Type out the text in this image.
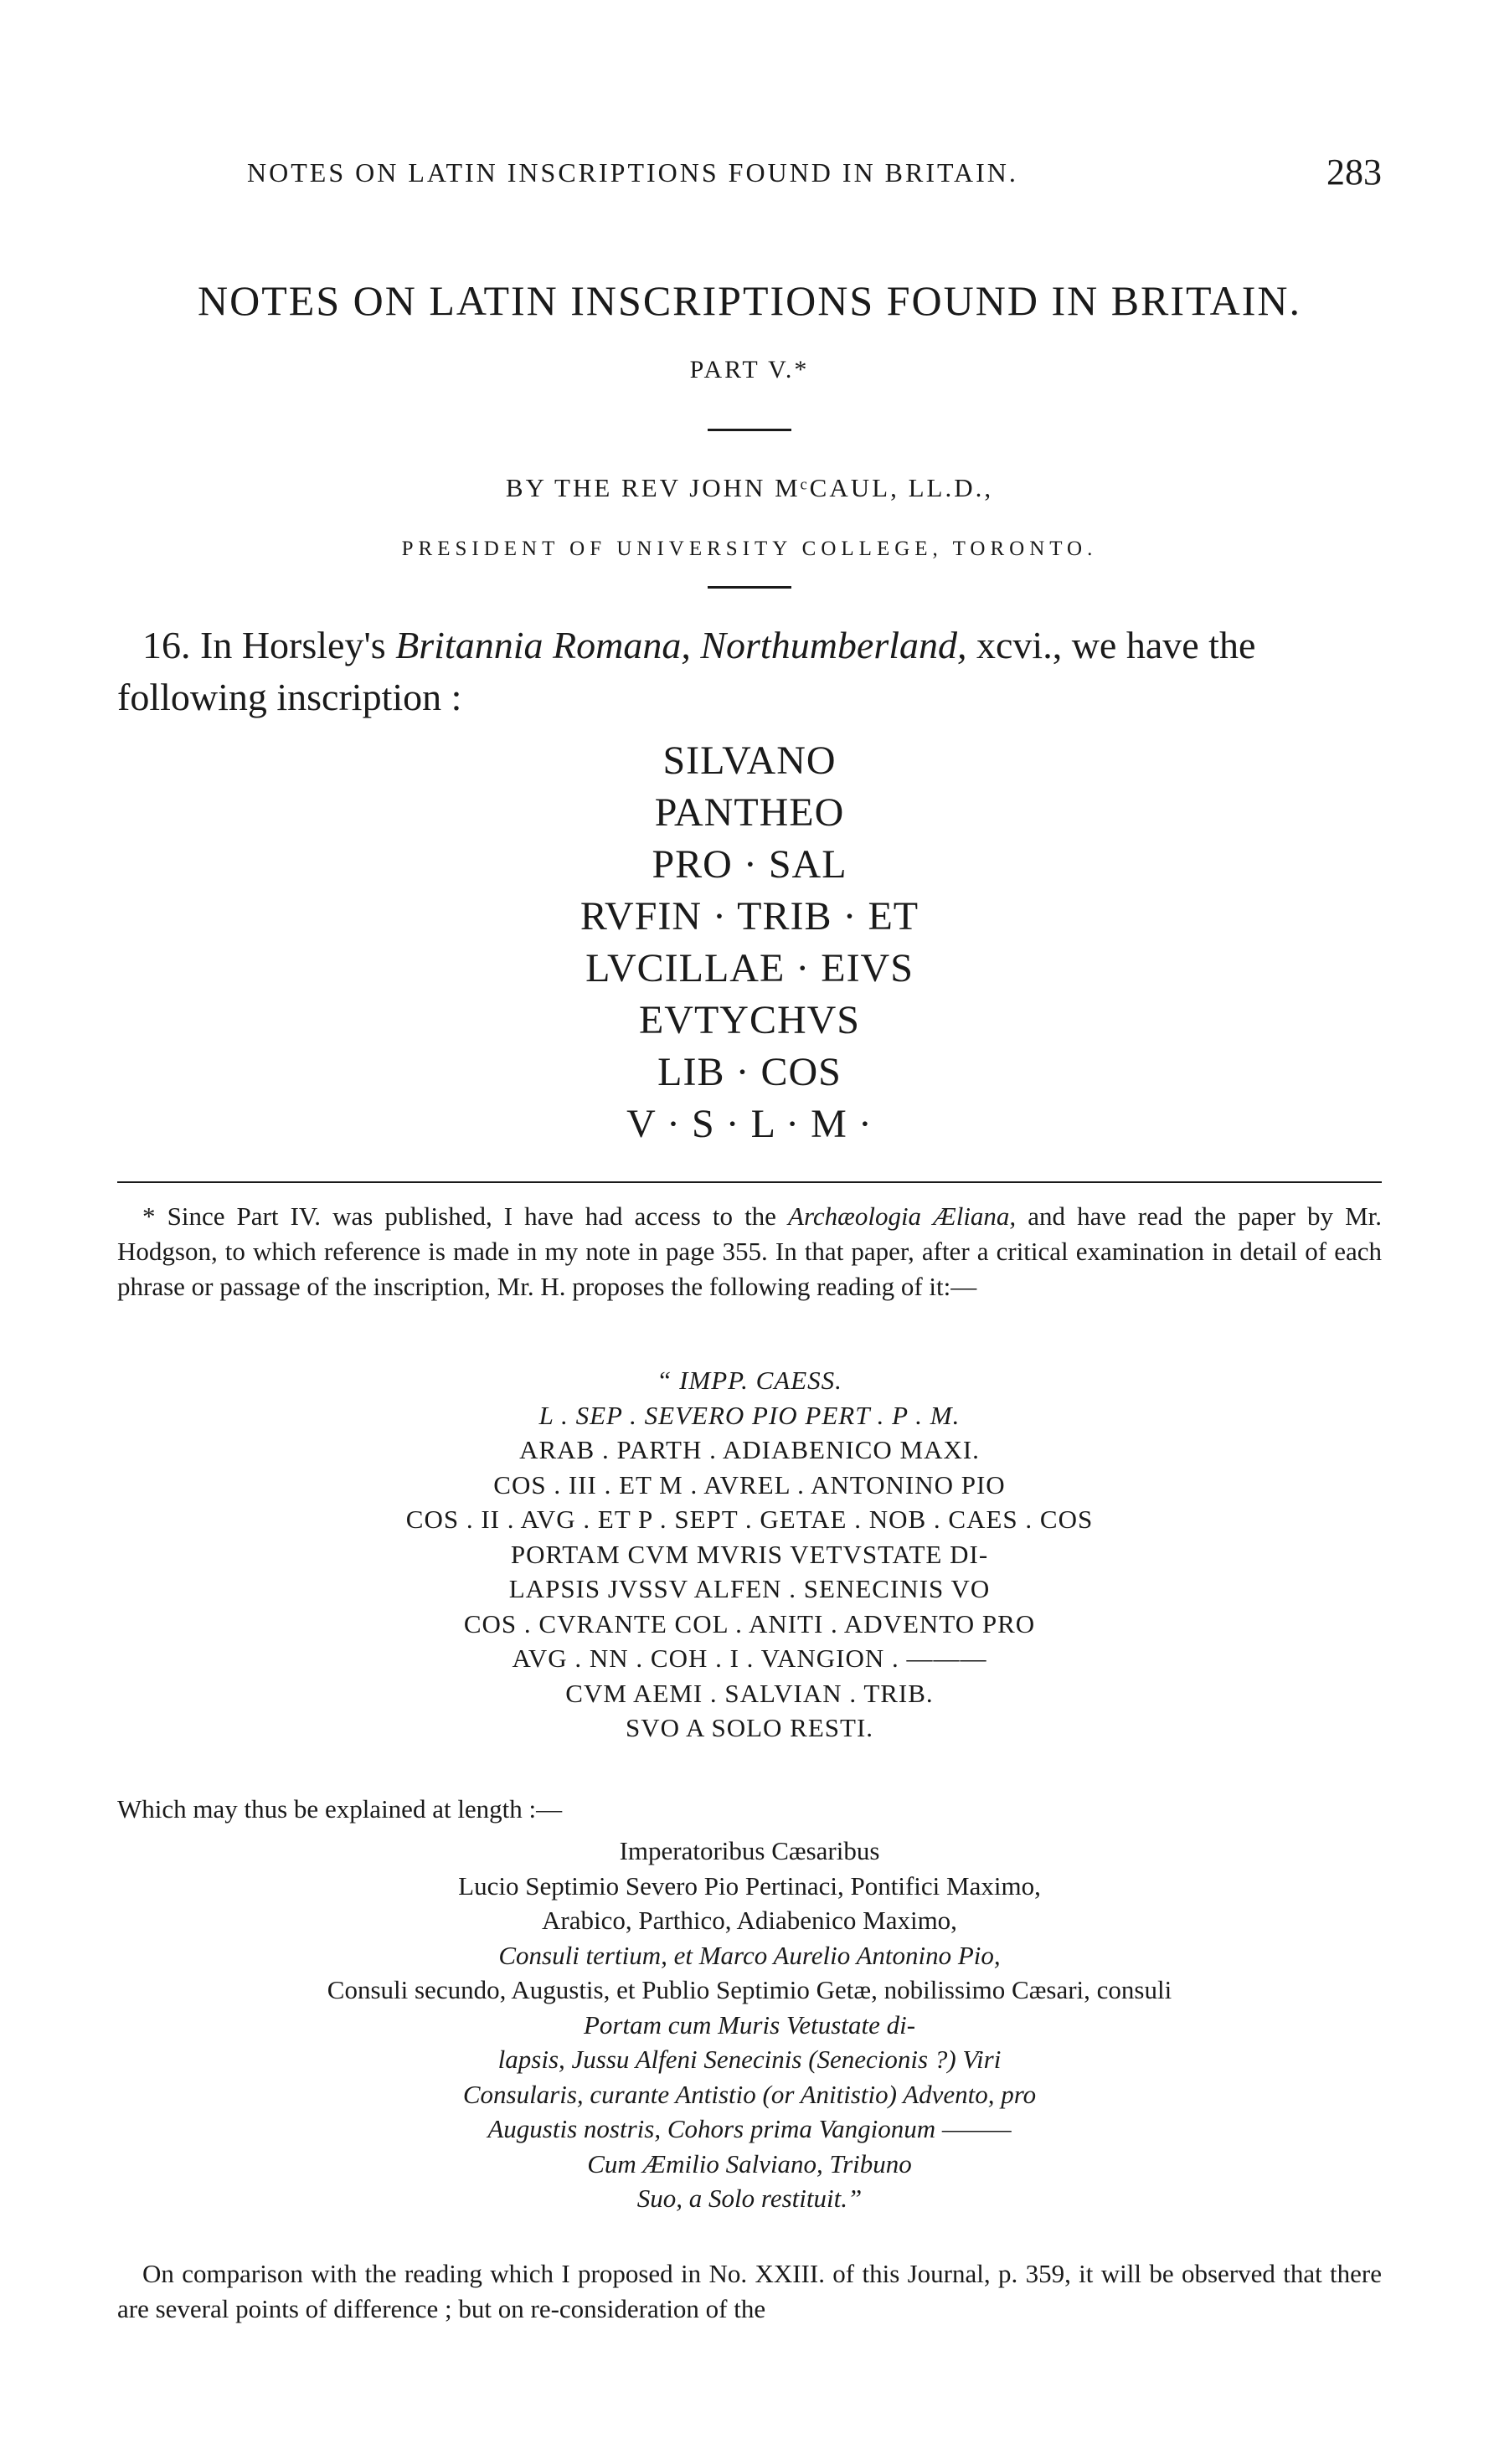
NOTES ON LATIN INSCRIPTIONS FOUND IN BRITAIN.	283
NOTES ON LATIN INSCRIPTIONS FOUND IN BRITAIN.
PART V.*
BY THE REV JOHN MᶜCAUL, LL.D.,
PRESIDENT OF UNIVERSITY COLLEGE, TORONTO.

16. In Horsley's Britannia Romana, Northumberland, xcvi., we have the following inscription :

SILVANO
PANTHEO
PRO · SAL
RVFIN · TRIB · ET
LVCILLAE · EIVS
EVTYCHVS
LIB · COS
V · S · L · M ·

* Since Part IV. was published, I have had access to the Archæologia Æliana, and have read the paper by Mr. Hodgson, to which reference is made in my note in page 355. In that paper, after a critical examination in detail of each phrase or passage of the inscription, Mr. H. proposes the following reading of it:—

“ IMPP. CAESS.
L . SEP . SEVERO PIO PERT . P . M.
ARAB . PARTH . ADIABENICO MAXI.
COS . III . ET M . AVREL . ANTONINO PIO
COS . II . AVG . ET P . SEPT . GETAE . NOB . CAES . COS
PORTAM CVM MVRIS VETVSTATE DI-
LAPSIS JVSSV ALFEN . SENECINIS VO
COS . CVRANTE COL . ANITI . ADVENTO PRO
AVG . NN . COH . I . VANGION . ———
CVM AEMI . SALVIAN . TRIB.
SVO A SOLO RESTI.
Which may thus be explained at length :—
Imperatoribus Cæsaribus
Lucio Septimio Severo Pio Pertinaci, Pontifici Maximo,
Arabico, Parthico, Adiabenico Maximo,
Consuli tertium, et Marco Aurelio Antonino Pio,
Consuli secundo, Augustis, et Publio Septimio Getæ, nobilissimo Cæsari, consuli
Portam cum Muris Vetustate di-
lapsis, Jussu Alfeni Senecinis (Senecionis ?) Viri
Consularis, curante Antistio (or Anitistio) Advento, pro
Augustis nostris, Cohors prima Vangionum ———
Cum Æmilio Salviano, Tribuno
Suo, a Solo restituit.”

On comparison with the reading which I proposed in No. XXIII. of this Journal, p. 359, it will be observed that there are several points of difference ; but on re-consideration of the
